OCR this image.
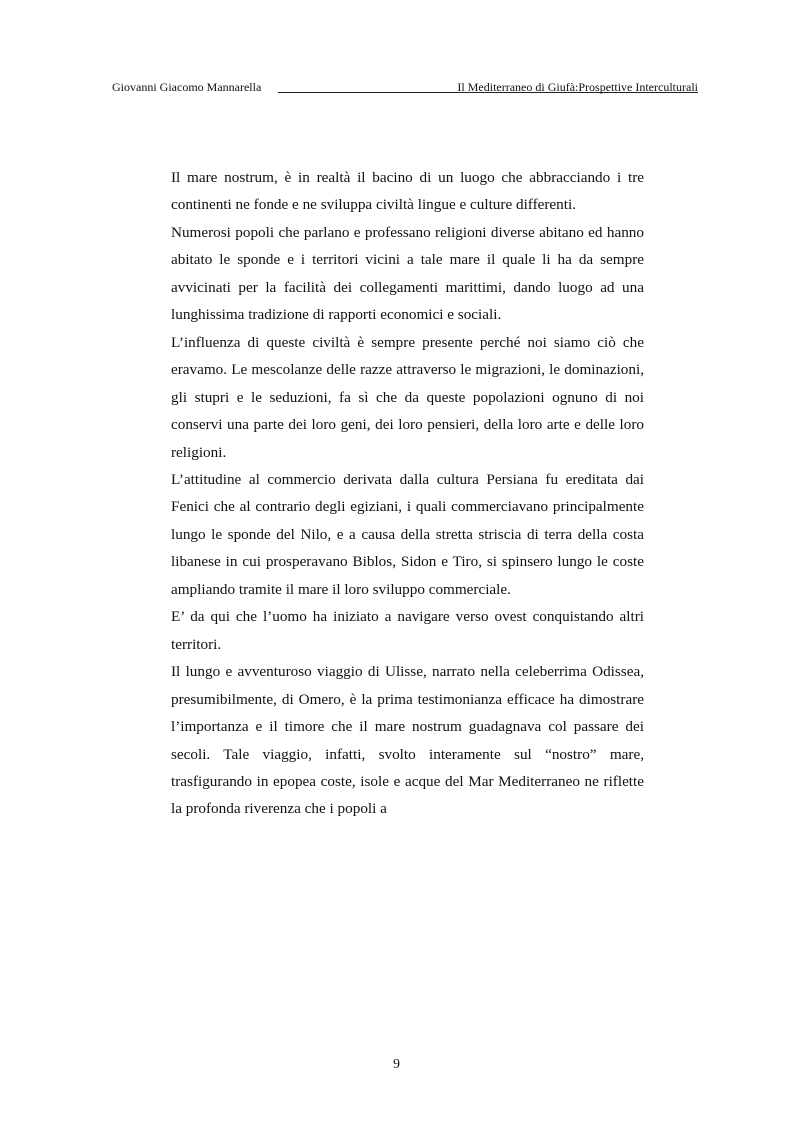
Giovanni Giacomo Mannarella	Il Mediterraneo di Giufà:Prospettive Interculturali

Il mare nostrum, è in realtà il bacino di un luogo che abbracciando i tre continenti ne fonde e ne sviluppa civiltà lingue e culture differenti.

Numerosi popoli che parlano e professano religioni diverse abitano ed hanno abitato le sponde e i territori vicini a tale mare il quale li ha da sempre avvicinati per la facilità dei collegamenti marittimi, dando luogo ad una lunghissima tradizione di rapporti economici e sociali.

L’influenza di queste civiltà è sempre presente perché noi siamo ciò che eravamo. Le mescolanze delle razze attraverso le migrazioni, le dominazioni, gli stupri e le seduzioni, fa sì che da queste popolazioni ognuno di noi conservi una parte dei loro geni, dei loro pensieri, della loro arte e delle loro religioni.

L’attitudine al commercio derivata dalla cultura Persiana fu ereditata dai Fenici che al contrario degli egiziani, i quali commerciavano principalmente lungo le sponde del Nilo, e a causa della stretta striscia di terra della costa libanese in cui prosperavano Biblos, Sidon e Tiro, si spinsero lungo le coste ampliando tramite il mare il loro sviluppo commerciale.

E’ da qui che l’uomo ha iniziato a navigare verso ovest conquistando altri territori.

Il lungo e avventuroso viaggio di Ulisse, narrato nella celeberrima Odissea, presumibilmente, di Omero, è la prima testimonianza efficace ha dimostrare l’importanza e il timore che il mare nostrum guadagnava col passare dei secoli. Tale viaggio, infatti, svolto interamente sul “nostro” mare, trasfigurando in epopea coste, isole e acque del Mar Mediterraneo ne riflette la profonda riverenza che i popoli a

9
